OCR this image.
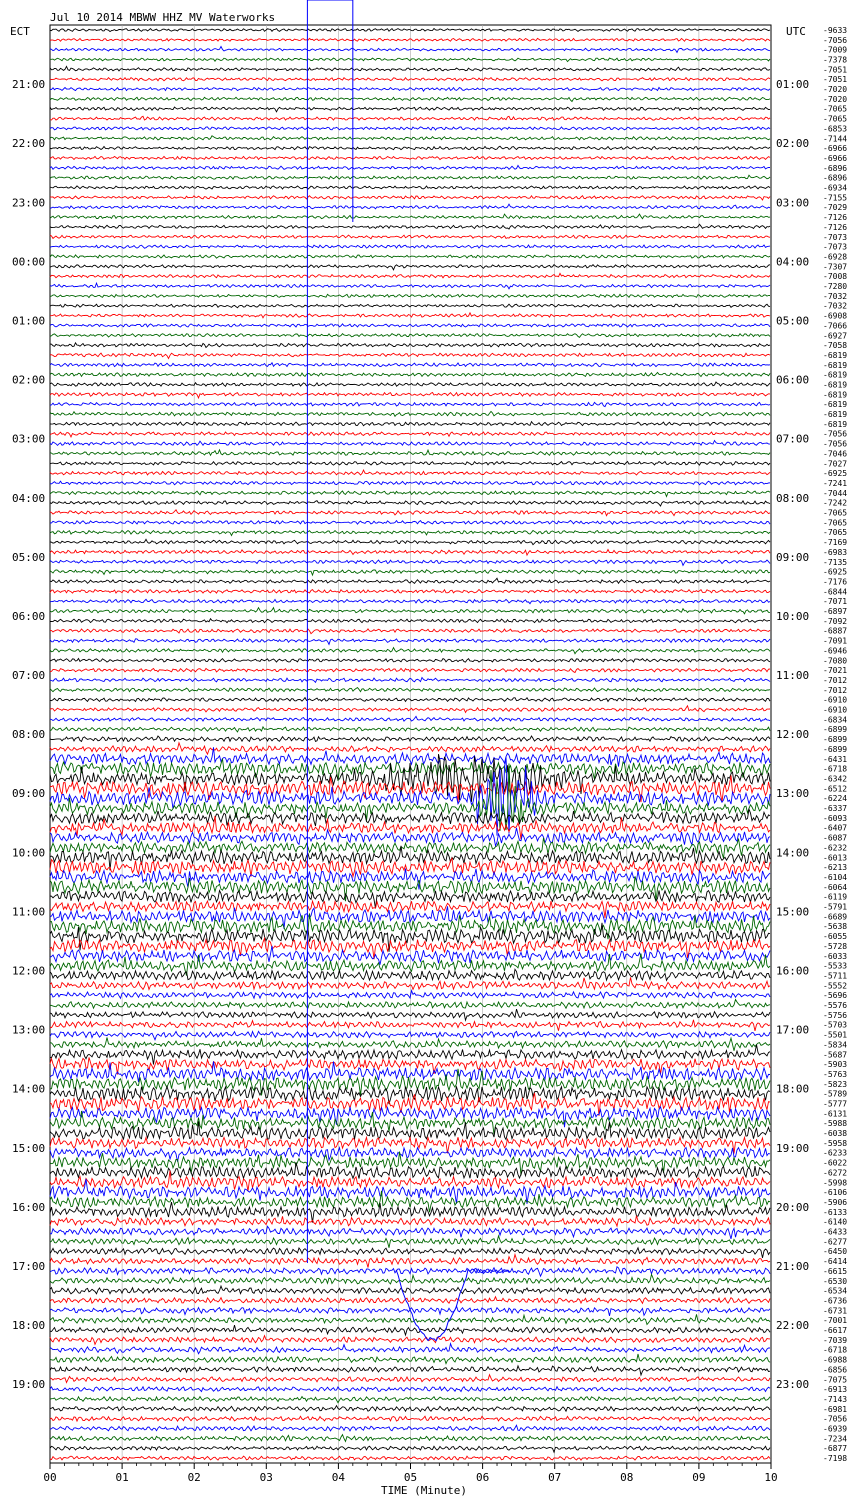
Jul 10 2014 MBWW HHZ MV Waterworks
ECT	UTC
21:00
22:00
23:00
00:00
01:00
02:00
03:00
04:00
05:00
06:00
07:00
08:00
09:00
10:00
11:00
12:00
13:00
14:00
15:00
16:00
17:00
18:00
19:00
01:00
02:00
03:00
04:00
05:00
06:00
07:00
08:00
09:00
10:00
11:00
12:00
13:00
14:00
15:00
16:00
17:00
18:00
19:00
20:00
21:00
22:00
23:00
-9633
-7056
-7009
-7378
-7051
-7051
-7020
-7020
-7065
-7065
-6853
-7144
-6966
-6966
-6896
-6896
-6934
-7155
-7029
-7126
-7126
-7073
-7073
-6928
-7307
-7008
-7280
-7032
-7032
-6908
-7066
-6927
-7058
-6819
-6819
-6819
-6819
-6819
-6819
-6819
-6819
-7056
-7056
-7046
-7027
-6925
-7241
-7044
-7242
-7065
-7065
-7065
-7169
-6983
-7135
-6925
-7176
-6844
-7071
-6897
-7092
-6887
-7091
-6946
-7080
-7021
-7012
-7012
-6910
-6910
-6834
-6899
-6899
-6899
-6431
-6718
-6342
-6512
-6224
-6337
-6093
-6407
-6087
-6232
-6013
-6213
-6104
-6064
-6119
-5791
-6689
-5638
-6055
-5728
-6033
-5533
-5711
-5552
-5696
-5576
-5756
-5703
-5501
-5834
-5687
-5903
-5763
-5823
-5789
-5777
-6131
-5988
-6038
-5958
-6233
-6022
-6272
-5998
-6106
-5906
-6133
-6140
-6433
-6277
-6450
-6414
-6615
-6530
-6534
-6736
-6731
-7001
-6617
-7039
-6718
-6988
-6856
-7075
-6913
-7143
-6981
-7056
-6939
-7234
-6877
-7198
00	01	02	03	04	05	06	07	08	09	10
TIME (Minute)
